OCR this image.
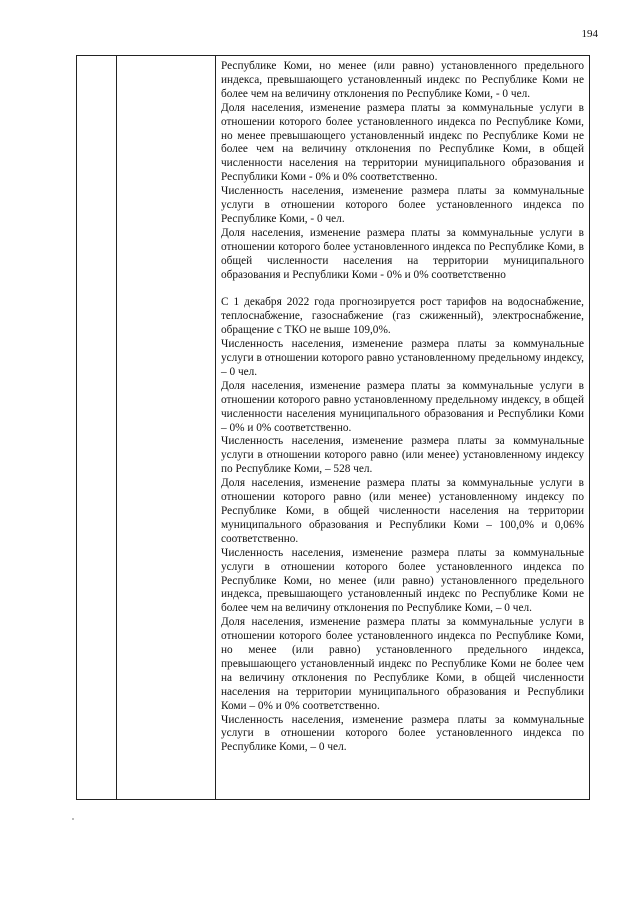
194

Республике Коми, но менее (или равно) установленного предельного индекса, превышающего установленный индекс по Республике Коми не более чем на величину отклонения по Республике Коми, - 0 чел.

Доля населения, изменение размера платы за коммунальные услуги в отношении которого более установленного индекса по Республике Коми, но менее превышающего установленный индекс по Республике Коми не более чем на величину отклонения по Республике Коми, в общей численности населения на территории муниципального образования и Республики Коми - 0% и 0% соответственно.

Численность населения, изменение размера платы за коммунальные услуги в отношении которого более установленного индекса по Республике Коми, - 0 чел.

Доля населения, изменение размера платы за коммунальные услуги в отношении которого более установленного индекса по Республике Коми, в общей численности населения на территории муниципального образования и Республики Коми - 0% и 0% соответственно

С 1 декабря 2022 года прогнозируется рост тарифов на водоснабжение, теплоснабжение, газоснабжение (газ сжиженный), электроснабжение, обращение с ТКО не выше 109,0%.

Численность населения, изменение размера платы за коммунальные услуги в отношении которого равно установленному предельному индексу, – 0 чел.

Доля населения, изменение размера платы за коммунальные услуги в отношении которого равно установленному предельному индексу, в общей численности населения муниципального образования и Республики Коми – 0% и 0% соответственно.

Численность населения, изменение размера платы за коммунальные услуги в отношении которого равно (или менее) установленному индексу по Республике Коми, – 528 чел.

Доля населения, изменение размера платы за коммунальные услуги в отношении которого равно (или менее) установленному индексу по Республике Коми, в общей численности населения на территории муниципального образования и Республики Коми – 100,0% и 0,06% соответственно.

Численность населения, изменение размера платы за коммунальные услуги в отношении которого более установленного индекса по Республике Коми, но менее (или равно) установленного предельного индекса, превышающего установленный индекс по Республике Коми не более чем на величину отклонения по Республике Коми, – 0 чел.

Доля населения, изменение размера платы за коммунальные услуги в отношении которого более установленного индекса по Республике Коми, но менее (или равно) установленного предельного индекса, превышающего установленный индекс по Республике Коми не более чем на величину отклонения по Республике Коми, в общей численности населения на территории муниципального образования и Республики Коми – 0% и 0% соответственно.

Численность населения, изменение размера платы за коммунальные услуги в отношении которого более установленного индекса по Республике Коми, – 0 чел.
